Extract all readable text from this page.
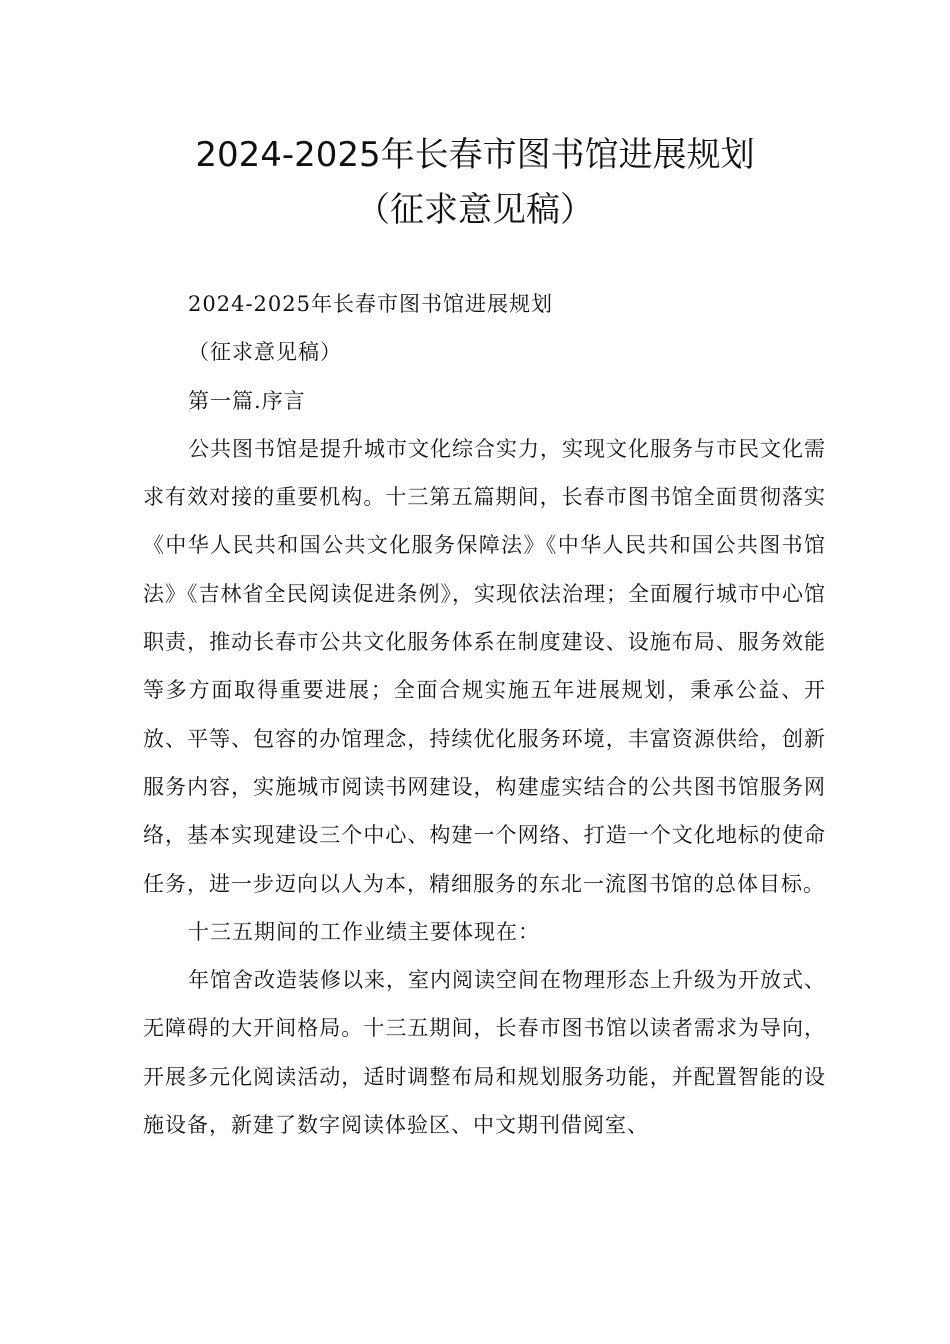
2024-2025年长春市图书馆进展规划
（征求意见稿）

2024-2025年长春市图书馆进展规划

（征求意见稿）

第一篇.序言

公共图书馆是提升城市文化综合实力，实现文化服务与市民文化需求有效对接的重要机构。十三第五篇期间，长春市图书馆全面贯彻落实《中华人民共和国公共文化服务保障法》《中华人民共和国公共图书馆法》《吉林省全民阅读促进条例》，实现依法治理；全面履行城市中心馆职责，推动长春市公共文化服务体系在制度建设、设施布局、服务效能等多方面取得重要进展；全面合规实施五年进展规划，秉承公益、开放、平等、包容的办馆理念，持续优化服务环境，丰富资源供给，创新服务内容，实施城市阅读书网建设，构建虚实结合的公共图书馆服务网络，基本实现建设三个中心、构建一个网络、打造一个文化地标的使命任务，进一步迈向以人为本，精细服务的东北一流图书馆的总体目标。

十三五期间的工作业绩主要体现在：

年馆舍改造装修以来，室内阅读空间在物理形态上升级为开放式、无障碍的大开间格局。十三五期间，长春市图书馆以读者需求为导向，开展多元化阅读活动，适时调整布局和规划服务功能，并配置智能的设施设备，新建了数字阅读体验区、中文期刊借阅室、
